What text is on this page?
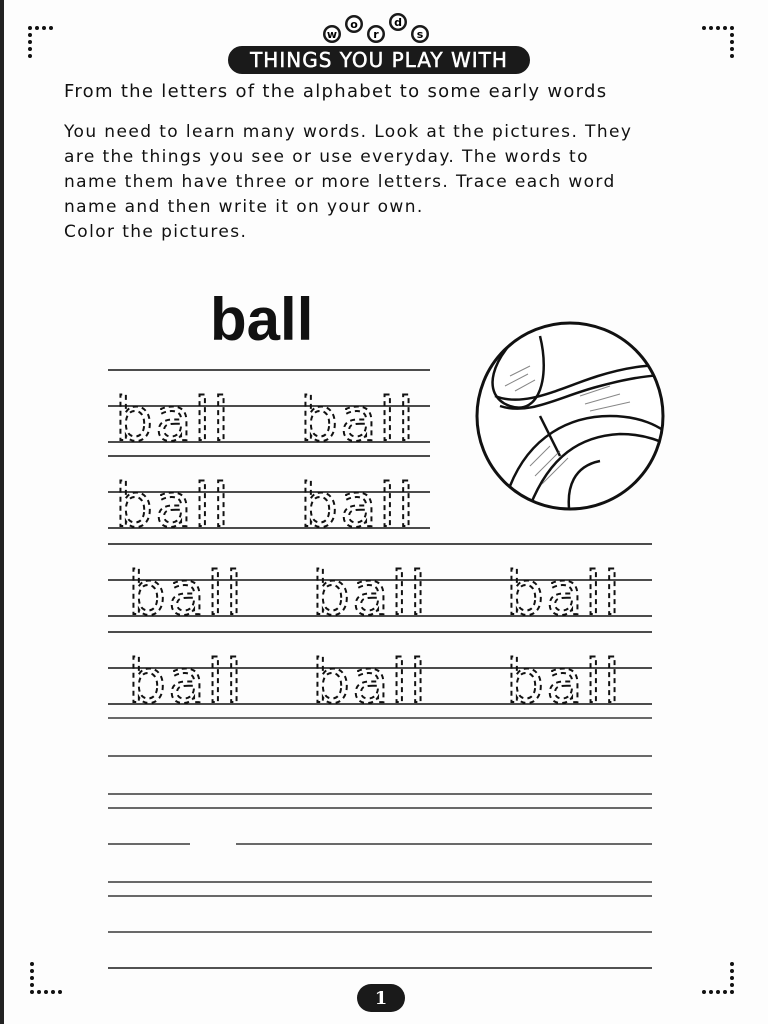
w
o
r
d
s
THINGS YOU PLAY WITH
From the letters of the alphabet to some early words
You need to learn many words. Look at the pictures. They
are the things you see or use everyday. The words to
name them have three or more letters. Trace each word
name and then write it on your own.
Color the pictures.
ball
ball ball
ball ball
ball ball ball
ball ball ball
1
